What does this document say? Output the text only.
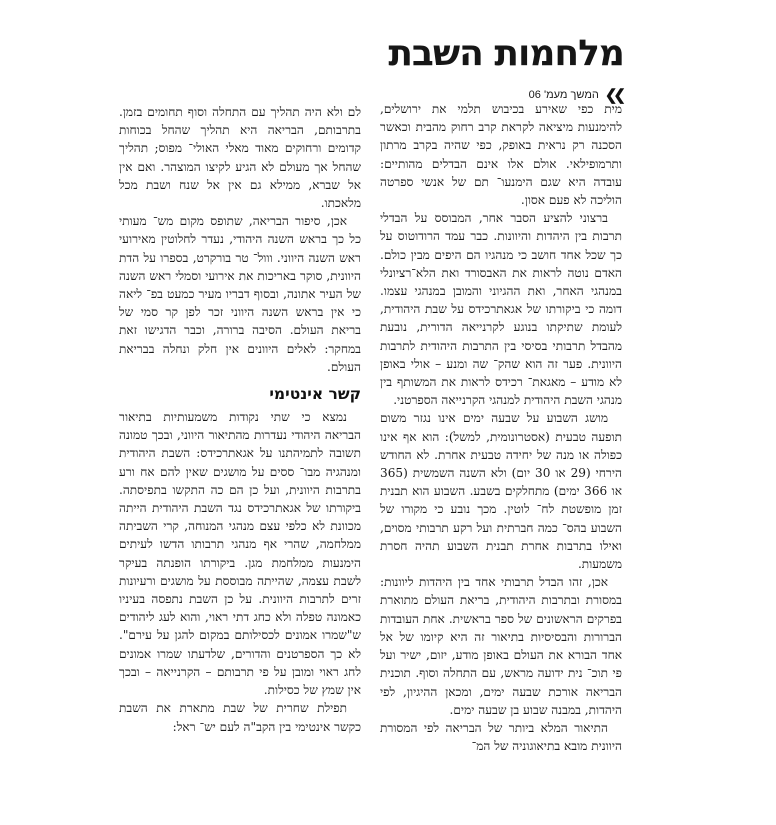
מלחמות השבת
❯❯
המשך מעמ' 06

מית כפי שאירע בכיבוש תלמי את ירושלים, להימנעות מיציאה לקראת קרב רחוק מהבית וכאשר הסכנה רק נראית באופק, כפי שהיה בקרב מרתון ותרמופילאי. אולם אלו אינם הבדלים מהותיים: עובדה היא שגם הימנעו־ תם של אנשי ספרטה הוליכה לא פעם אסון.

ברצוני להציע הסבר אחר, המבוסס על הבדלי תרבות בין היהדות והיוונות. כבר עמד הרודוטוס על כך שכל אחד חושב כי מנהגיו הם היפים מבין כולם. האדם נוטה לראות את האבסורד ואת הלא־רציונלי במנהגי האחר, ואת ההגיוני והמובן במנהגי עצמו. דומה כי ביקורתו של אגאתרכידס על שבת היהודית, לעומת שתיקתו בנוגע לקרנייאה הדורית, נובעת מהבדל תרבותי בסיסי בין התרבות היהודית לתרבות היוונית. פער זה הוא שהק־ שה ומנע – אולי באופן לא מודע – מאגאת־ רכידס לראות את המשותף בין מנהגי השבת היהודית למנהגי הקרנייאה הספרטני.

מושג השבוע על שבעה ימים אינו נגזר משום תופעה טבעית (אסטרונומית, למשל): הוא אף אינו כפולה או מנה של יחידה טבעית אחרת. לא החודש הירחי (29 או 30 יום) ולא השנה השמשית (365 או 366 ימים) מתחלקים בשבע. השבוע הוא תבנית זמן מופשטת לח־ לוטין. מכך נובע כי מקורו של השבוע בהס־ כמה חברתית ועל רקע תרבותי מסוים, ואילו בתרבות אחרת תבנית השבוע תהיה חסרת משמעות.

אכן, זהו הבדל תרבותי אחד בין היהדות ליוונות: במסורת ובתרבות היהודית, בריאת העולם מתוארת בפרקים הראשונים של ספר בראשית. אחת העובדות הברורות והבסיסיות בתיאור זה היא קיומו של אל אחד הבורא את העולם באופן מודע, יזום, ישיר ועל פי תוכ־ נית ידועה מראש, עם התחלה וסוף. תוכנית הבריאה אורכת שבעה ימים, ומכאן ההיגיון, לפי היהדות, במבנה שבוע בן שבעה ימים.

התיאור המלא ביותר של הבריאה לפי המסורת היוונית מובא בתיאוגוניה של המ־

לם ולא היה תהליך עם התחלה וסוף תחומים בזמן. בתרבותם, הבריאה היא תהליך שהחל בכוחות קדומים ורחוקים מאוד מאלי האולי־ מפוס; תהליך שהחל אך מעולם לא הגיע לקיצו המוצהר. ואם אין אל שברא, ממילא גם אין אל שנח ושבת מכל מלאכתו.

אכן, סיפור הבריאה, שתופס מקום מש־ מעותי כל כך בראש השנה היהודי, נעדר לחלוטין מאירועי ראש השנה היווני. ווול־ טר בורקרט, בספרו על הדת היוונית, סוקר באריכות את אירועי וסמלי ראש השנה של העיר אתונה, ובסוף דבריו מעיר כמעט בפ־ ליאה כי אין בראש השנה היווני זכר לפן קר סמי של בריאת העולם. הסיבה ברורה, וכבר הדגישו זאת במחקר: לאלים היוונים אין חלק ונחלה בבריאת העולם.

קשר אינטימי

נמצא כי שתי נקודות משמעותיות בתיאור הבריאה היהודי נעדרות מהתיאור היווני, ובכך טמונה תשובה לתמיהתנו על אגאתרכידס: השבת היהודית ומנהגיה מבו־ ססים על מושגים שאין להם אח ורע בתרבות היוונית, ועל כן הם כה התקשו בתפיסתה. ביקורתו של אגאתרכידס נגד השבת היהודית הייתה מכוונת לא כלפי עצם מנהגי המנוחה, קרי השביתה ממלחמה, שהרי אף מנהגי תרבותו הדשו לעיתים הימנעות ממלחמת מגן. ביקורתו הופנתה בעיקר לשבת עצמה, שהייתה מבוססת על מושגים ורעיונות זרים לתרבות היוונית. על כן השבת נתפסה בעיניו כאמונה טפלה ולא כחג דתי ראוי, והוא לעג ליהודים ש"שמרו אמונים לכסילותם במקום להגן על עירם". לא כך הספרטנים והדורים, שלדעתו שמרו אמונים לחג ראוי ומובן על פי תרבותם – הקרנייאה – ובכך אין שמץ של כסילות.

תפילת שחרית של שבת מתארת את השבת כקשר אינטימי בין הקב"ה לעם יש־ ראל:
